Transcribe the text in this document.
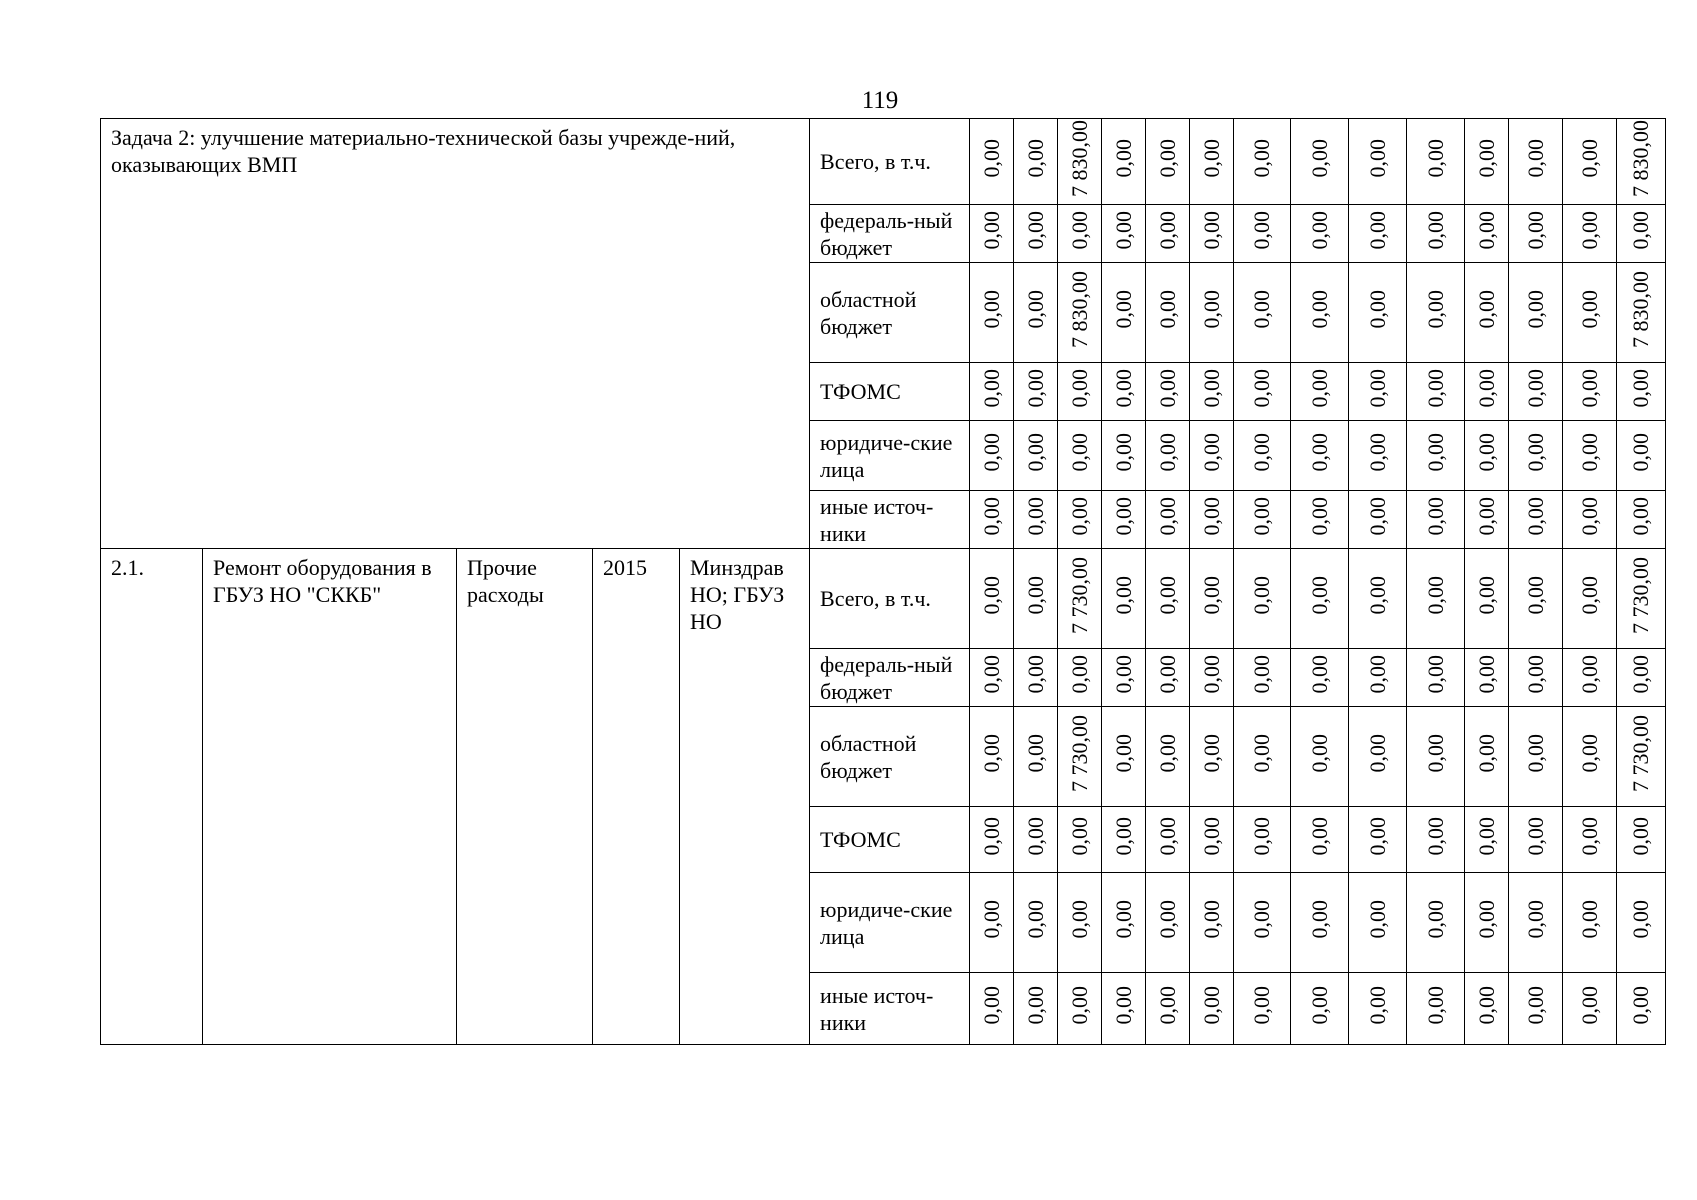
119
Задача 2: улучшение материально-технической базы учрежде-ний, оказывающих ВМП					Всего, в т.ч.	0,00	0,00	7 830,00	0,00	0,00	0,00	0,00	0,00	0,00	0,00	0,00	0,00	0,00	7 830,00
					федераль-ный бюджет	0,00	0,00	0,00	0,00	0,00	0,00	0,00	0,00	0,00	0,00	0,00	0,00	0,00	0,00
					областной бюджет	0,00	0,00	7 830,00	0,00	0,00	0,00	0,00	0,00	0,00	0,00	0,00	0,00	0,00	7 830,00
					ТФОМС	0,00	0,00	0,00	0,00	0,00	0,00	0,00	0,00	0,00	0,00	0,00	0,00	0,00	0,00
					юридиче-ские лица	0,00	0,00	0,00	0,00	0,00	0,00	0,00	0,00	0,00	0,00	0,00	0,00	0,00	0,00
					иные источ-ники	0,00	0,00	0,00	0,00	0,00	0,00	0,00	0,00	0,00	0,00	0,00	0,00	0,00	0,00
2.1.	Ремонт оборудования в ГБУЗ НО "СККБ"	Прочие расходы	2015	Минздрав НО; ГБУЗ НО	Всего, в т.ч.	0,00	0,00	7 730,00	0,00	0,00	0,00	0,00	0,00	0,00	0,00	0,00	0,00	0,00	7 730,00
					федераль-ный бюджет	0,00	0,00	0,00	0,00	0,00	0,00	0,00	0,00	0,00	0,00	0,00	0,00	0,00	0,00
					областной бюджет	0,00	0,00	7 730,00	0,00	0,00	0,00	0,00	0,00	0,00	0,00	0,00	0,00	0,00	7 730,00
					ТФОМС	0,00	0,00	0,00	0,00	0,00	0,00	0,00	0,00	0,00	0,00	0,00	0,00	0,00	0,00
					юридиче-ские лица	0,00	0,00	0,00	0,00	0,00	0,00	0,00	0,00	0,00	0,00	0,00	0,00	0,00	0,00
					иные источ-ники	0,00	0,00	0,00	0,00	0,00	0,00	0,00	0,00	0,00	0,00	0,00	0,00	0,00	0,00
